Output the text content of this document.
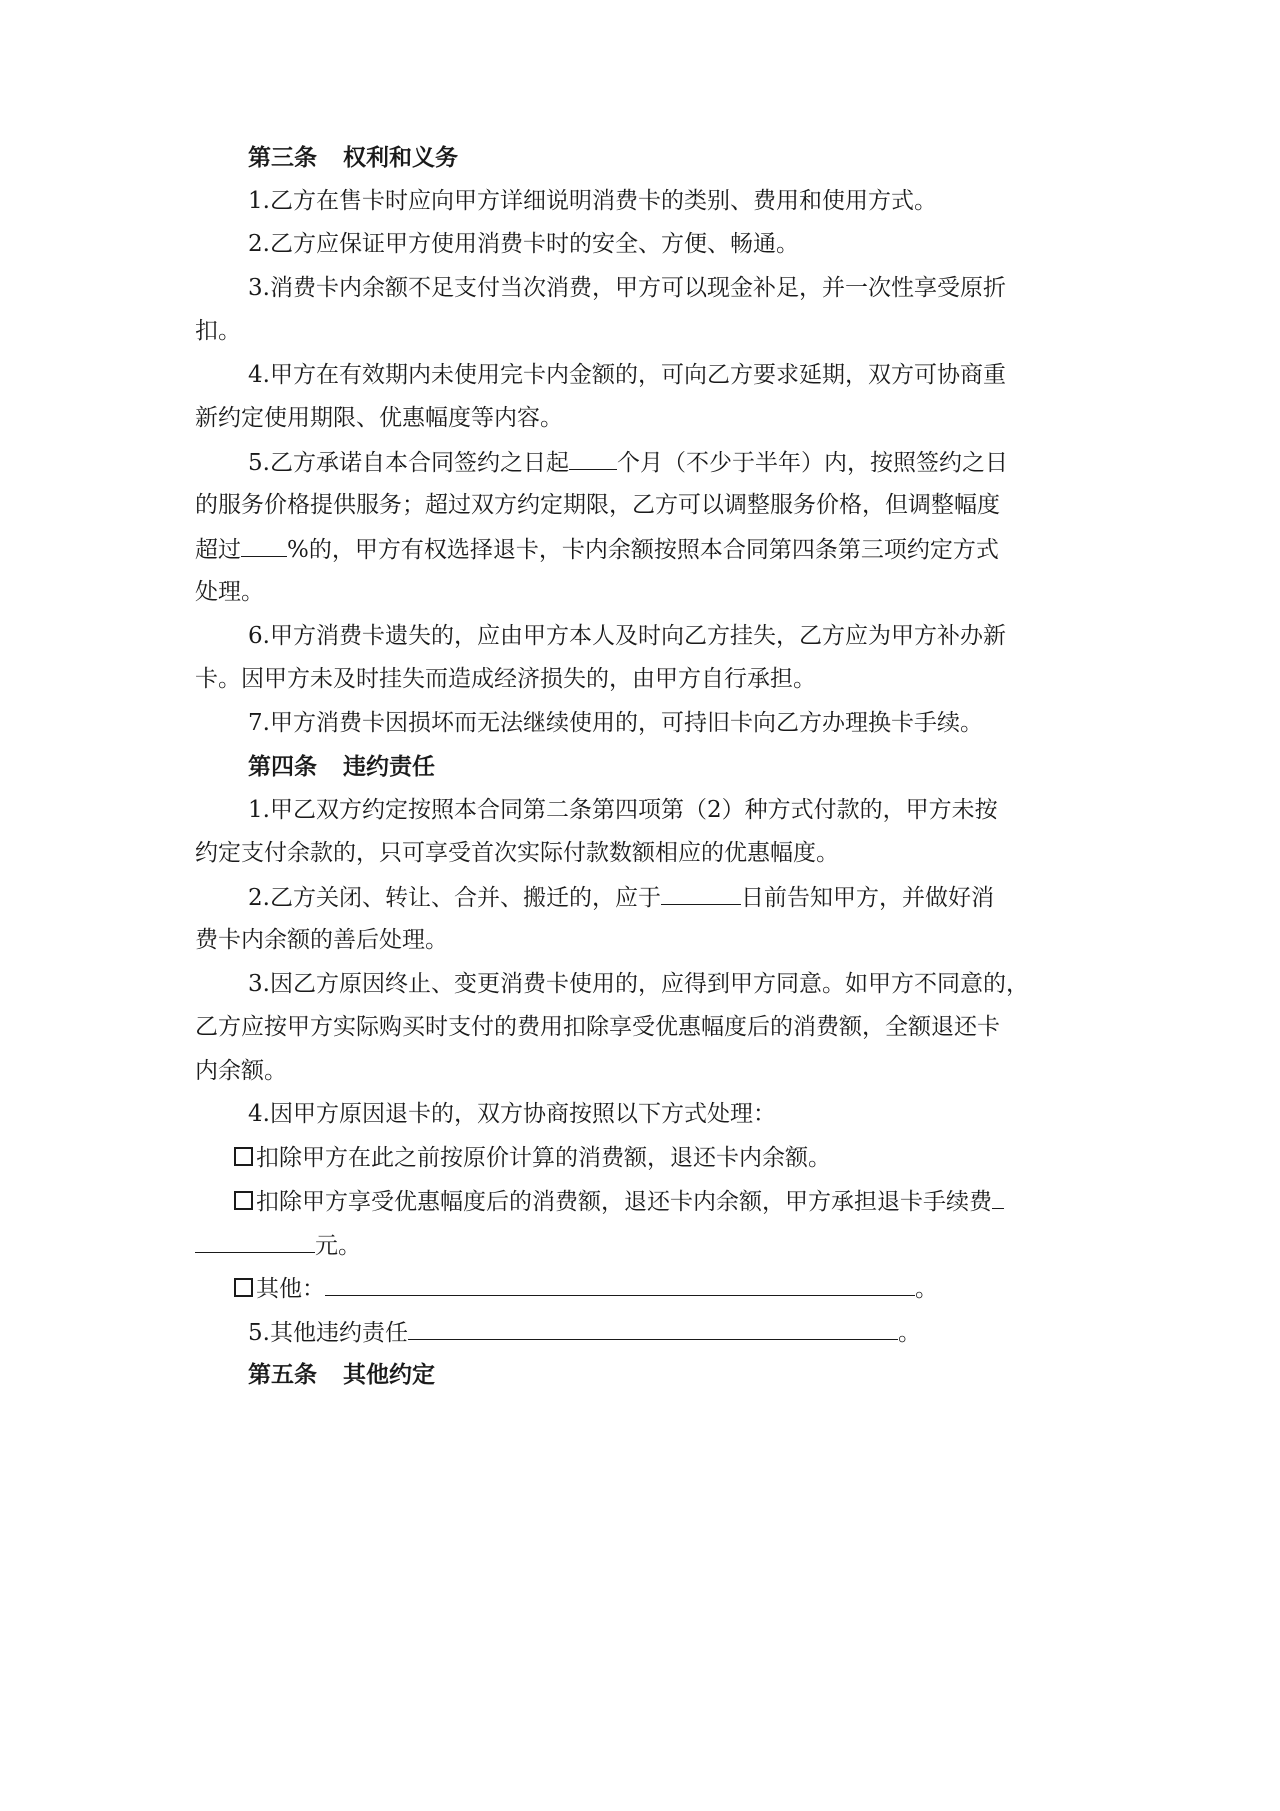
第三条 权利和义务
1.乙方在售卡时应向甲方详细说明消费卡的类别、费用和使用方式。
2.乙方应保证甲方使用消费卡时的安全、方便、畅通。
3.消费卡内余额不足支付当次消费，甲方可以现金补足，并一次性享受原折
扣。
4.甲方在有效期内未使用完卡内金额的，可向乙方要求延期，双方可协商重
新约定使用期限、优惠幅度等内容。
5.乙方承诺自本合同签约之日起 个月（不少于半年）内，按照签约之日
的服务价格提供服务；超过双方约定期限，乙方可以调整服务价格，但调整幅度
超过 %的，甲方有权选择退卡，卡内余额按照本合同第四条第三项约定方式
处理。
6.甲方消费卡遗失的，应由甲方本人及时向乙方挂失，乙方应为甲方补办新
卡。因甲方未及时挂失而造成经济损失的，由甲方自行承担。
7.甲方消费卡因损坏而无法继续使用的，可持旧卡向乙方办理换卡手续。
第四条 违约责任
1.甲乙双方约定按照本合同第二条第四项第（2）种方式付款的，甲方未按
约定支付余款的，只可享受首次实际付款数额相应的优惠幅度。
2.乙方关闭、转让、合并、搬迁的，应于	日前告知甲方，并做好消
费卡内余额的善后处理。
3.因乙方原因终止、变更消费卡使用的，应得到甲方同意。如甲方不同意的，
乙方应按甲方实际购买时支付的费用扣除享受优惠幅度后的消费额，全额退还卡
内余额。
4.因甲方原因退卡的，双方协商按照以下方式处理：
扣除甲方在此之前按原价计算的消费额，退还卡内余额。
扣除甲方享受优惠幅度后的消费额，退还卡内余额，甲方承担退卡手续费
元。
其他：	。
5.其他违约责任	。
第五条 其他约定
